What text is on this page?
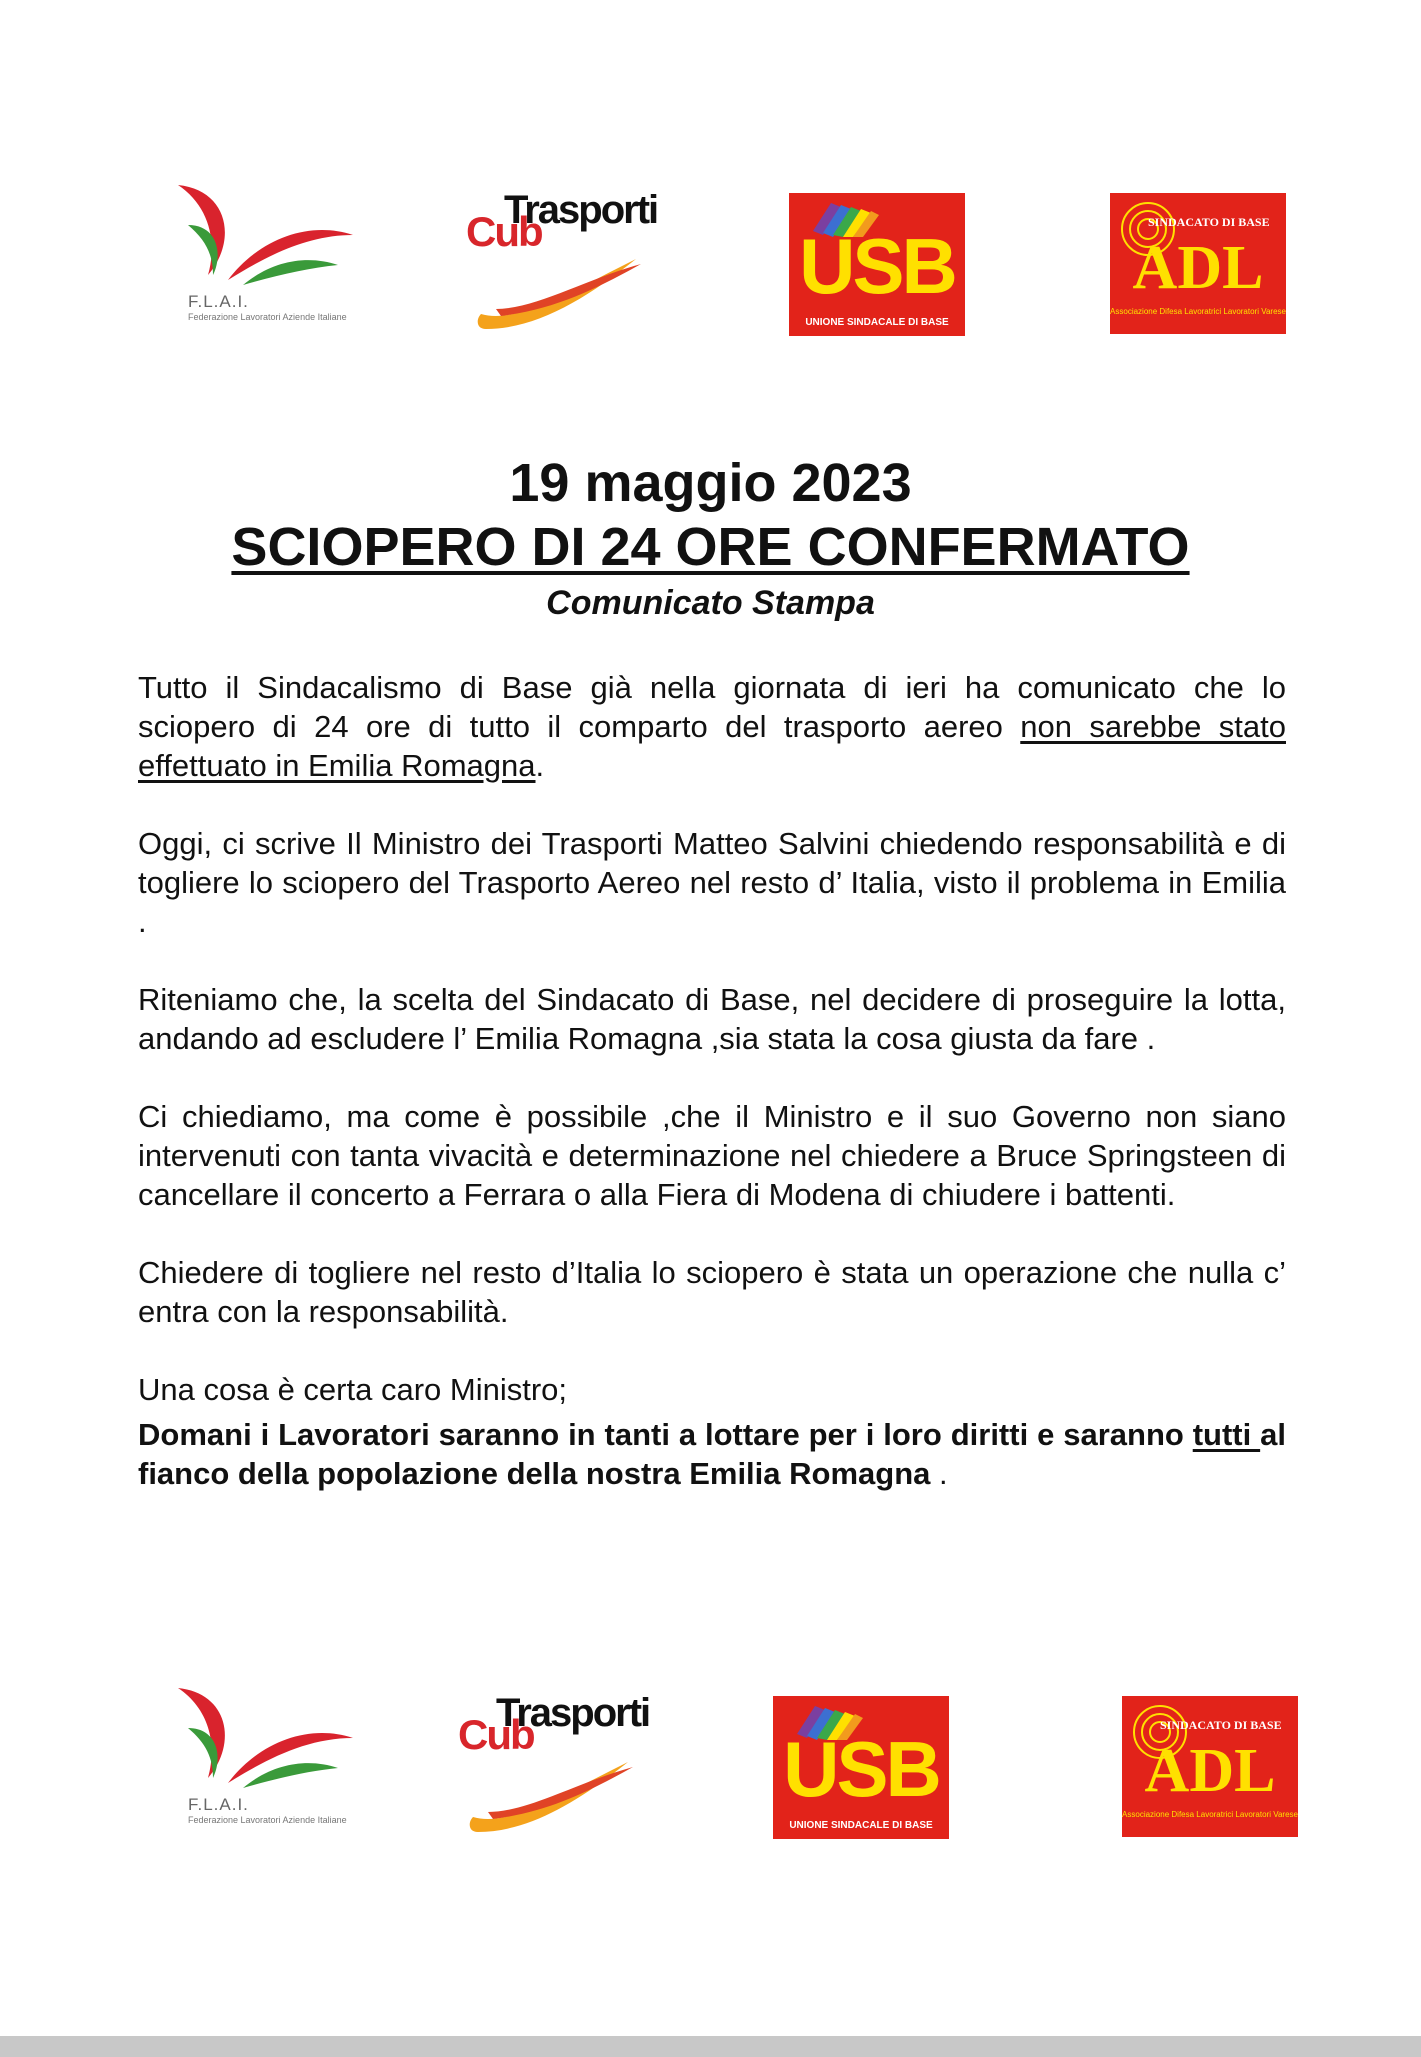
F.L.A.I.
Federazione Lavoratori Aziende Italiane
Cub
Trasporti
USB
UNIONE SINDACALE DI BASE
SINDACATO DI BASE
ADL
Associazione Difesa Lavoratrici Lavoratori Varese
19 maggio 2023
SCIOPERO DI 24 ORE CONFERMATO
Comunicato Stampa

Tutto il Sindacalismo di Base già nella giornata di ieri ha comunicato che lo sciopero di 24 ore di tutto il comparto del trasporto aereo non sarebbe stato effettuato in Emilia Romagna.

Oggi, ci scrive Il Ministro dei Trasporti Matteo Salvini chiedendo responsabilità e di togliere lo sciopero del Trasporto Aereo nel resto d’ Italia, visto il problema in Emilia .

Riteniamo che, la scelta del Sindacato di Base, nel decidere di proseguire la lotta, andando ad escludere l’ Emilia Romagna ,sia stata la cosa giusta da fare .

Ci chiediamo, ma come è possibile ,che il Ministro e il suo Governo non siano intervenuti con tanta vivacità e determinazione nel chiedere a Bruce Springsteen di cancellare il concerto a Ferrara o alla Fiera di Modena di chiudere i battenti.

Chiedere di togliere nel resto d’Italia lo sciopero è stata un operazione che nulla c’ entra con la responsabilità.

Una cosa è certa caro Ministro;

Domani i Lavoratori saranno in tanti a lottare per i loro diritti e saranno tutti al fianco della popolazione della nostra Emilia Romagna .

F.L.A.I.
Federazione Lavoratori Aziende Italiane
Cub
Trasporti
USB
UNIONE SINDACALE DI BASE
SINDACATO DI BASE
ADL
Associazione Difesa Lavoratrici Lavoratori Varese
